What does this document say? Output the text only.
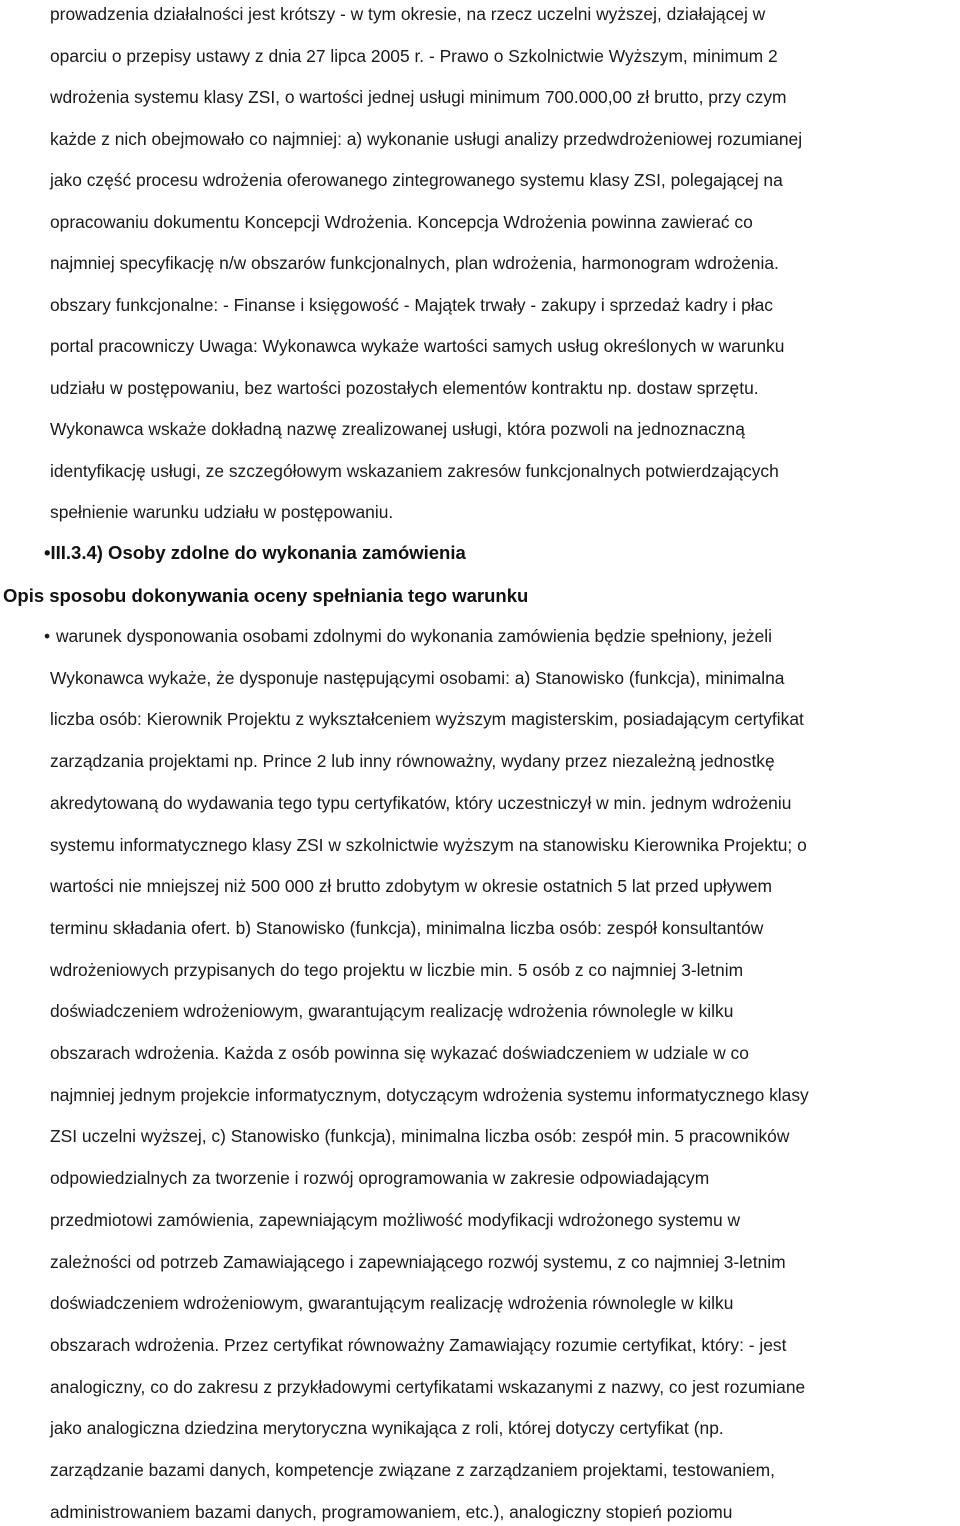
prowadzenia działalności jest krótszy - w tym okresie, na rzecz uczelni wyższej, działającej w
oparciu o przepisy ustawy z dnia 27 lipca 2005 r. - Prawo o Szkolnictwie Wyższym, minimum 2
wdrożenia systemu klasy ZSI, o wartości jednej usługi minimum 700.000,00 zł brutto, przy czym
każde z nich obejmowało co najmniej: a) wykonanie usługi analizy przedwdrożeniowej rozumianej
jako część procesu wdrożenia oferowanego zintegrowanego systemu klasy ZSI, polegającej na
opracowaniu dokumentu Koncepcji Wdrożenia. Koncepcja Wdrożenia powinna zawierać co
najmniej specyfikację n/w obszarów funkcjonalnych, plan wdrożenia, harmonogram wdrożenia.
obszary funkcjonalne: - Finanse i księgowość - Majątek trwały - zakupy i sprzedaż kadry i płac
portal pracowniczy Uwaga: Wykonawca wykaże wartości samych usług określonych w warunku
udziału w postępowaniu, bez wartości pozostałych elementów kontraktu np. dostaw sprzętu.
Wykonawca wskaże dokładną nazwę zrealizowanej usługi, która pozwoli na jednoznaczną
identyfikację usługi, ze szczegółowym wskazaniem zakresów funkcjonalnych potwierdzających
spełnienie warunku udziału w postępowaniu.
•III.3.4) Osoby zdolne do wykonania zamówienia
Opis sposobu dokonywania oceny spełniania tego warunku
• warunek dysponowania osobami zdolnymi do wykonania zamówienia będzie spełniony, jeżeli
Wykonawca wykaże, że dysponuje następującymi osobami: a) Stanowisko (funkcja), minimalna
liczba osób: Kierownik Projektu z wykształceniem wyższym magisterskim, posiadającym certyfikat
zarządzania projektami np. Prince 2 lub inny równoważny, wydany przez niezależną jednostkę
akredytowaną do wydawania tego typu certyfikatów, który uczestniczył w min. jednym wdrożeniu
systemu informatycznego klasy ZSI w szkolnictwie wyższym na stanowisku Kierownika Projektu; o
wartości nie mniejszej niż 500 000 zł brutto zdobytym w okresie ostatnich 5 lat przed upływem
terminu składania ofert. b) Stanowisko (funkcja), minimalna liczba osób: zespół konsultantów
wdrożeniowych przypisanych do tego projektu w liczbie min. 5 osób z co najmniej 3-letnim
doświadczeniem wdrożeniowym, gwarantującym realizację wdrożenia równolegle w kilku
obszarach wdrożenia. Każda z osób powinna się wykazać doświadczeniem w udziale w co
najmniej jednym projekcie informatycznym, dotyczącym wdrożenia systemu informatycznego klasy
ZSI uczelni wyższej, c) Stanowisko (funkcja), minimalna liczba osób: zespół min. 5 pracowników
odpowiedzialnych za tworzenie i rozwój oprogramowania w zakresie odpowiadającym
przedmiotowi zamówienia, zapewniającym możliwość modyfikacji wdrożonego systemu w
zależności od potrzeb Zamawiającego i zapewniającego rozwój systemu, z co najmniej 3-letnim
doświadczeniem wdrożeniowym, gwarantującym realizację wdrożenia równolegle w kilku
obszarach wdrożenia. Przez certyfikat równoważny Zamawiający rozumie certyfikat, który: - jest
analogiczny, co do zakresu z przykładowymi certyfikatami wskazanymi z nazwy, co jest rozumiane
jako analogiczna dziedzina merytoryczna wynikająca z roli, której dotyczy certyfikat (np.
zarządzanie bazami danych, kompetencje związane z zarządzaniem projektami, testowaniem,
administrowaniem bazami danych, programowaniem, etc.), analogiczny stopień poziomu
